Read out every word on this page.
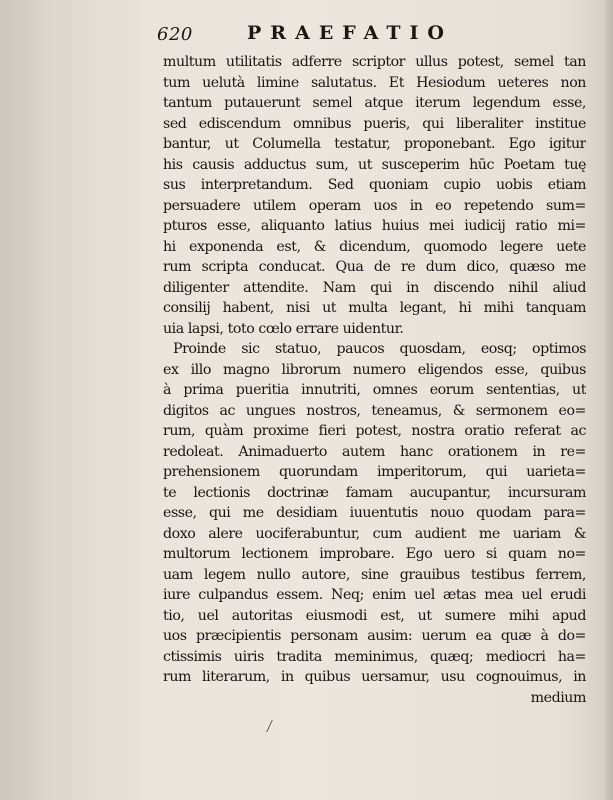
620	PRAEFATIO
multum utilitatis adferre scriptor ullus potest, semel tan
tum uelutà limine salutatus. Et Hesiodum ueteres non
tantum putauerunt semel atque iterum legendum esse,
sed ediscendum omnibus pueris, qui liberaliter institue
bantur, ut Columella testatur, proponebant. Ego igitur
his causis adductus sum, ut susceperim hūc Poetam tuę
sus interpretandum. Sed quoniam cupio uobis etiam
persuadere utilem operam uos in eo repetendo sum=
pturos esse, aliquanto latius huius mei iudicij ratio mi=
hi exponenda est, & dicendum, quomodo legere uete
rum scripta conducat. Qua de re dum dico, quæso me
diligenter attendite. Nam qui in discendo nihil aliud
consilij habent, nisi ut multa legant, hi mihi tanquam
uia lapsi, toto cœlo errare uidentur.
Proinde sic statuo, paucos quosdam, eosq; optimos
ex illo magno librorum numero eligendos esse, quibus
à prima pueritia innutriti, omnes eorum sententias, ut
digitos ac ungues nostros, teneamus, & sermonem eo=
rum, quàm proxime fieri potest, nostra oratio referat ac
redoleat. Animaduerto autem hanc orationem in re=
prehensionem quorundam imperitorum, qui uarieta=
te lectionis doctrinæ famam aucupantur, incursuram
esse, qui me desidiam iuuentutis nouo quodam para=
doxo alere uociferabuntur, cum audient me uariam &
multorum lectionem improbare. Ego uero si quam no=
uam legem nullo autore, sine grauibus testibus ferrem,
iure culpandus essem. Neq; enim uel ætas mea uel erudi
tio, uel autoritas eiusmodi est, ut sumere mihi apud
uos præcipientis personam ausim: uerum ea quæ à do=
ctissimis uiris tradita meminimus, quæq; mediocri ha=
rum literarum, in quibus uersamur, usu cognouimus, in
medium
